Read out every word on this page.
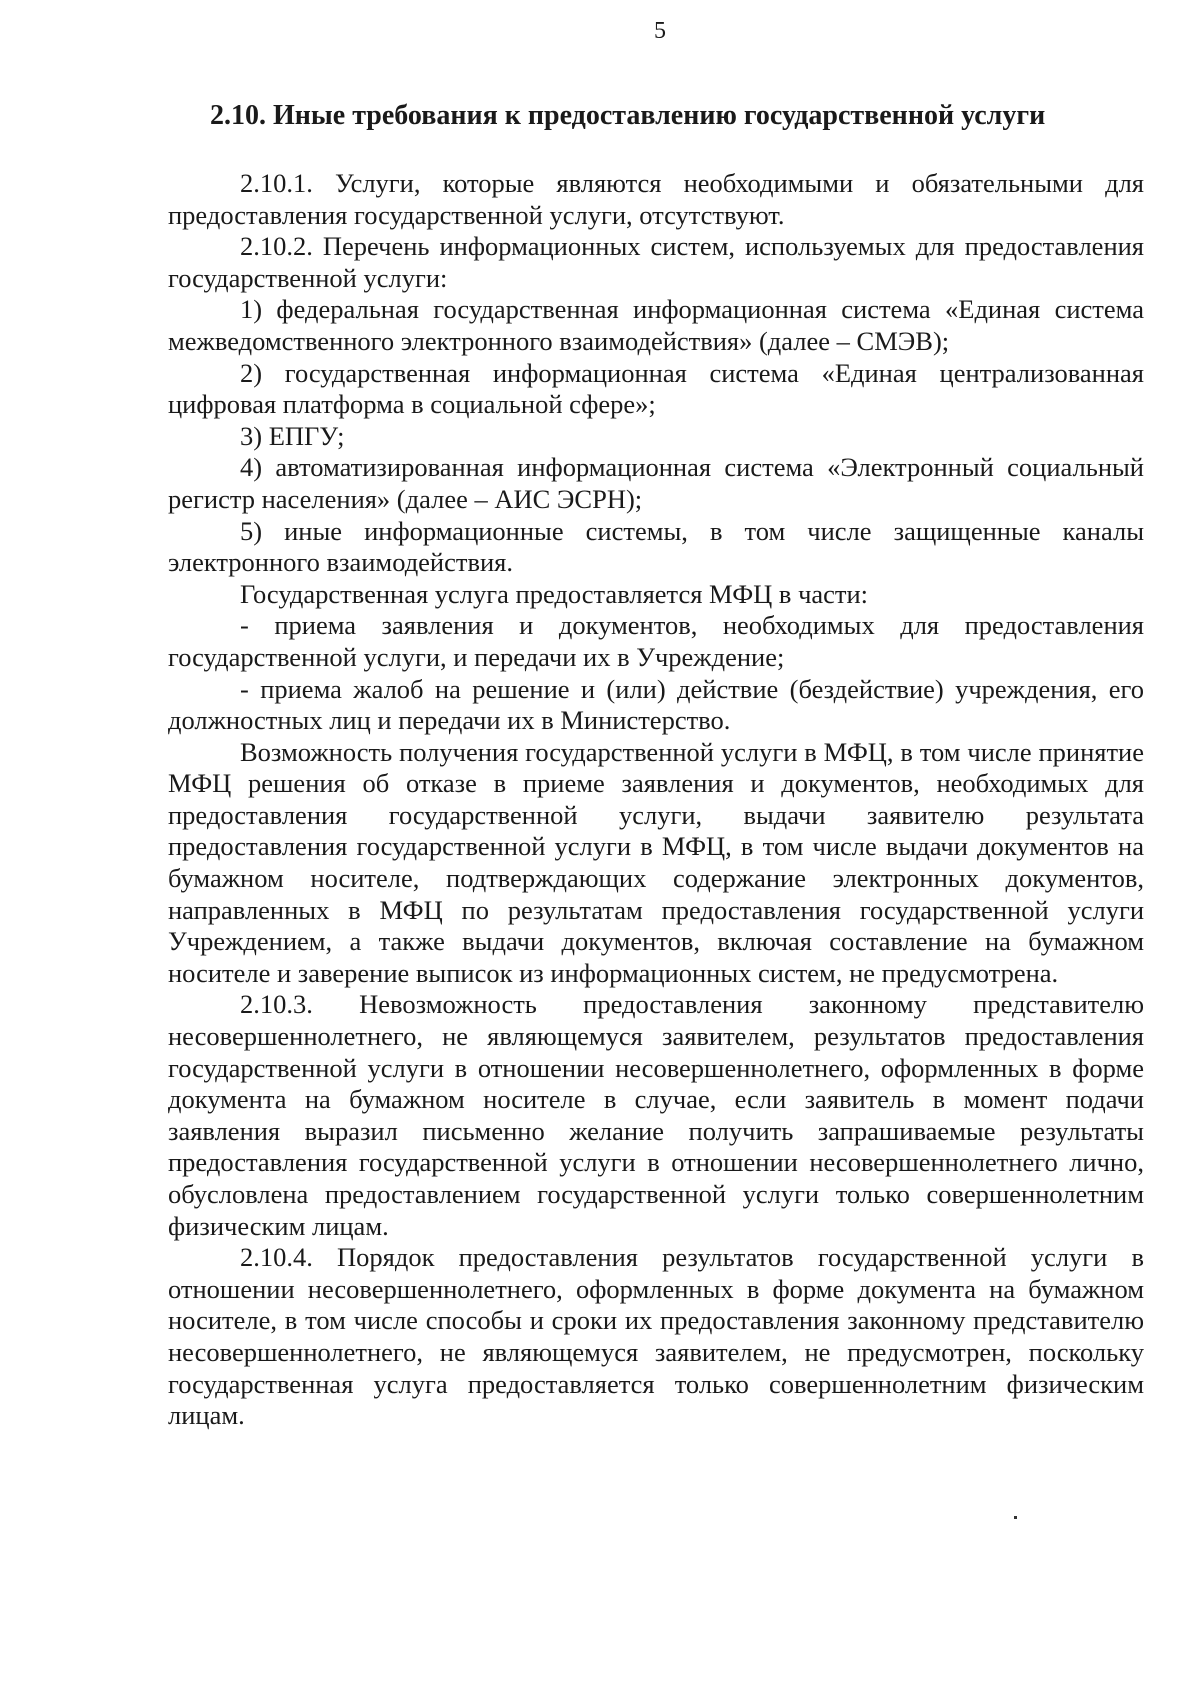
5
2.10. Иные требования к предоставлению государственной услуги

2.10.1. Услуги, которые являются необходимыми и обязательными для предоставления государственной услуги, отсутствуют.

2.10.2. Перечень информационных систем, используемых для предоставления государственной услуги:

1) федеральная государственная информационная система «Единая система межведомственного электронного взаимодействия» (далее – СМЭВ);

2) государственная информационная система «Единая централизованная цифровая платформа в социальной сфере»;

3) ЕПГУ;

4) автоматизированная информационная система «Электронный социальный регистр населения» (далее – АИС ЭСРН);

5) иные информационные системы, в том числе защищенные каналы электронного взаимодействия.

Государственная услуга предоставляется МФЦ в части:

- приема заявления и документов, необходимых для предоставления государственной услуги, и передачи их в Учреждение;

- приема жалоб на решение и (или) действие (бездействие) учреждения, его должностных лиц и передачи их в Министерство.

Возможность получения государственной услуги в МФЦ, в том числе принятие МФЦ решения об отказе в приеме заявления и документов, необходимых для предоставления государственной услуги, выдачи заявителю результата предоставления государственной услуги в МФЦ, в том числе выдачи документов на бумажном носителе, подтверждающих содержание электронных документов, направленных в МФЦ по результатам предоставления государственной услуги Учреждением, а также выдачи документов, включая составление на бумажном носителе и заверение выписок из информационных систем, не предусмотрена.

2.10.3. Невозможность предоставления законному представителю несовершеннолетнего, не являющемуся заявителем, результатов предоставления государственной услуги в отношении несовершеннолетнего, оформленных в форме документа на бумажном носителе в случае, если заявитель в момент подачи заявления выразил письменно желание получить запрашиваемые результаты предоставления государственной услуги в отношении несовершеннолетнего лично, обусловлена предоставлением государственной услуги только совершеннолетним физическим лицам.

2.10.4. Порядок предоставления результатов государственной услуги в отношении несовершеннолетнего, оформленных в форме документа на бумажном носителе, в том числе способы и сроки их предоставления законному представителю несовершеннолетнего, не являющемуся заявителем, не предусмотрен, поскольку государственная услуга предоставляется только совершеннолетним физическим лицам.
